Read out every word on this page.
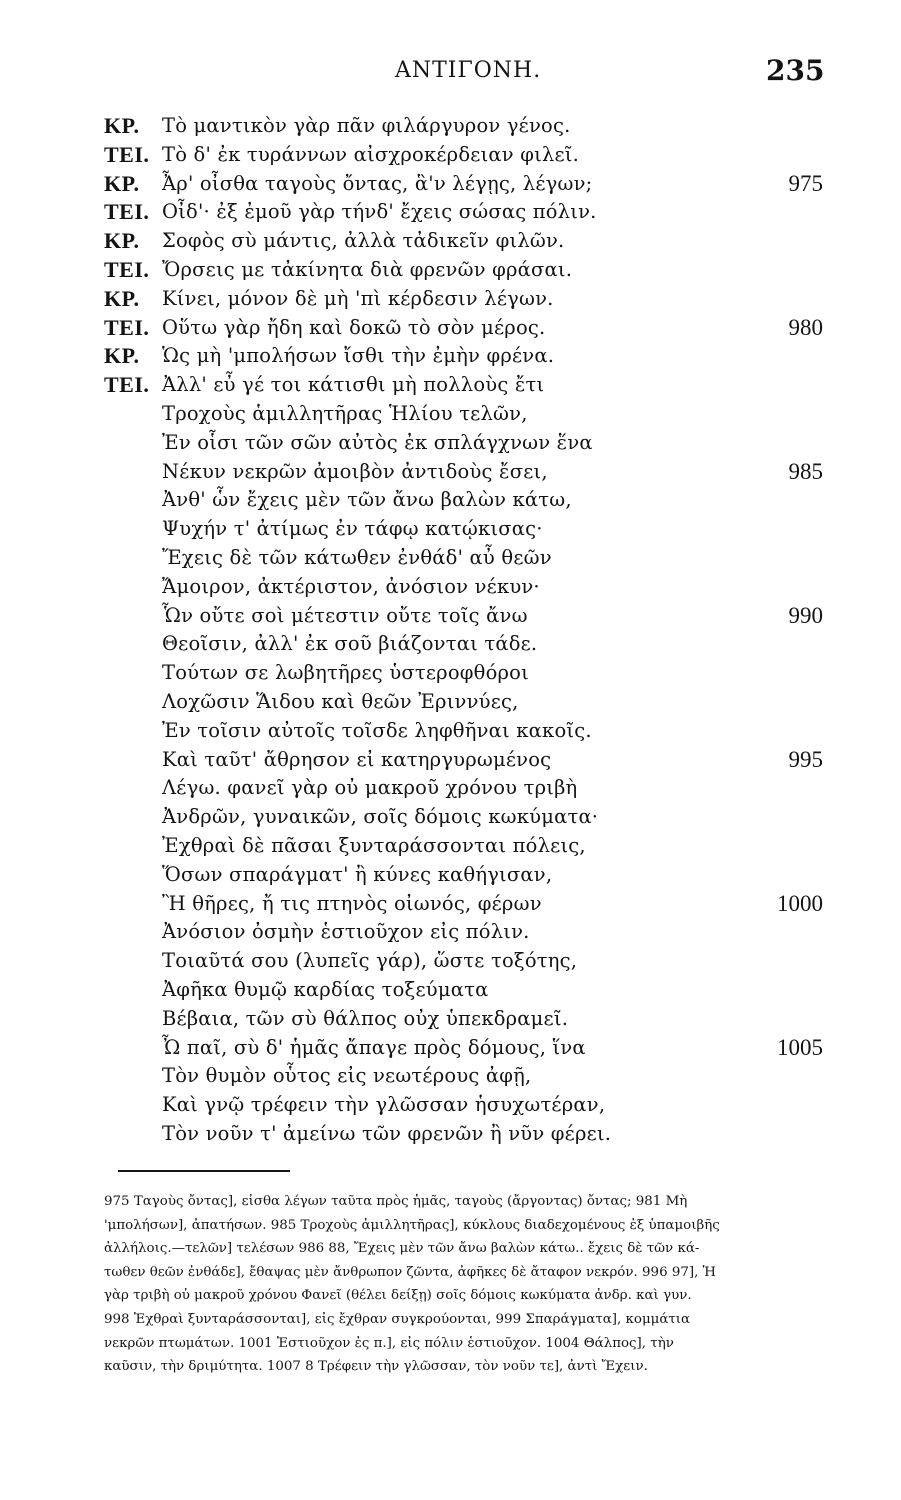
ΑΝΤΙΓΟΝΗ.	235
ΚΡ. Τὸ μαντικὸν γὰρ πᾶν φιλάργυρον γένος.
ΤΕΙ. Τὸ δ' ἐκ τυράννων αἰσχροκέρδειαν φιλεῖ.
ΚΡ. Ἆρ' οἶσθα ταγοὺς ὄντας, ἃ'ν λέγῃς, λέγων;	975
ΤΕΙ. Οἶδ'· ἐξ ἐμοῦ γὰρ τήνδ' ἔχεις σώσας πόλιν.
ΚΡ. Σοφὸς σὺ μάντις, ἀλλὰ τἀδικεῖν φιλῶν.
ΤΕΙ. Ὄρσεις με τἀκίνητα διὰ φρενῶν φράσαι.
ΚΡ. Κίνει, μόνον δὲ μὴ 'πὶ κέρδεσιν λέγων.
ΤΕΙ. Οὕτω γὰρ ἤδη καὶ δοκῶ τὸ σὸν μέρος.	980
ΚΡ. Ὡς μὴ 'μπολήσων ἴσθι τὴν ἐμὴν φρένα.
ΤΕΙ. Ἀλλ' εὖ γέ τοι κάτισθι μὴ πολλοὺς ἔτι
Τροχοὺς ἁμιλλητῆρας Ἡλίου τελῶν,
Ἐν οἷσι τῶν σῶν αὐτὸς ἐκ σπλάγχνων ἕνα
Νέκυν νεκρῶν ἀμοιβὸν ἀντιδοὺς ἔσει,	985
Ἀνθ' ὧν ἔχεις μὲν τῶν ἄνω βαλὼν κάτω,
Ψυχήν τ' ἀτίμως ἐν τάφῳ κατῴκισας·
Ἔχεις δὲ τῶν κάτωθεν ἐνθάδ' αὖ θεῶν
Ἄμοιρον, ἀκτέριστον, ἀνόσιον νέκυν·
Ὧν οὔτε σοὶ μέτεστιν οὔτε τοῖς ἄνω	990
Θεοῖσιν, ἀλλ' ἐκ σοῦ βιάζονται τάδε.
Τούτων σε λωβητῆρες ὑστεροφθόροι
Λοχῶσιν Ἅιδου καὶ θεῶν Ἐριννύες,
Ἐν τοῖσιν αὐτοῖς τοῖσδε ληφθῆναι κακοῖς.
Καὶ ταῦτ' ἄθρησον εἰ κατηργυρωμένος	995
Λέγω. φανεῖ γὰρ οὐ μακροῦ χρόνου τριβὴ
Ἀνδρῶν, γυναικῶν, σοῖς δόμοις κωκύματα·
Ἐχθραὶ δὲ πᾶσαι ξυνταράσσονται πόλεις,
Ὅσων σπαράγματ' ἢ κύνες καθήγισαν,
Ἢ θῆρες, ἤ τις πτηνὸς οἰωνός, φέρων	1000
Ἀνόσιον ὀσμὴν ἑστιοῦχον εἰς πόλιν.
Τοιαῦτά σου (λυπεῖς γάρ), ὥστε τοξότης,
Ἀφῆκα θυμῷ καρδίας τοξεύματα
Βέβαια, τῶν σὺ θάλπος οὐχ ὑπεκδραμεῖ.
Ὦ παῖ, σὺ δ' ἡμᾶς ἄπαγε πρὸς δόμους, ἵνα	1005
Τὸν θυμὸν οὗτος εἰς νεωτέρους ἀφῇ,
Καὶ γνῷ τρέφειν τὴν γλῶσσαν ἡσυχωτέραν,
Τὸν νοῦν τ' ἀμείνω τῶν φρενῶν ἢ νῦν φέρει.
975 Ταγοὺς ὄντας], εἰσθα λέγων ταῦτα πρὸς ἡμᾶς, ταγοὺς (ἄργοντας) ὄντας; 981 Μὴ
'μπολήσων], ἀπατήσων. 985 Τροχοὺς ἁμιλλητῆρας], κύκλους διαδεχομένους ἐξ ὑπαμοιβῆς
ἀλλήλοις.—τελῶν] τελέσων 986 88, Ἔχεις μὲν τῶν ἄνω βαλὼν κάτω.. ἔχεις δὲ τῶν κά-
τωθεν θεῶν ἐνθάδε], ἔθαψας μὲν ἄνθρωπον ζῶντα, ἀφῆκες δὲ ἄταφον νεκρόν. 996 97], Ἡ
γὰρ τριβὴ οὐ μακροῦ χρόνου Φανεῖ (θέλει δείξῃ) σοῖς δόμοις κωκύματα ἀνδρ. καὶ γυν.
998 Ἐχθραὶ ξυνταράσσονται], εἰς ἔχθραν συγκρούονται, 999 Σπαράγματα], κομμάτια
νεκρῶν πτωμάτων. 1001 Ἑστιοῦχον ἐς π.], εἰς πόλιν ἑστιοῦχον. 1004 Θάλπος], τὴν
καῦσιν, τὴν δριμύτητα. 1007 8 Τρέφειν τὴν γλῶσσαν, τὸν νοῦν τε], ἀντὶ Ἔχειν.
